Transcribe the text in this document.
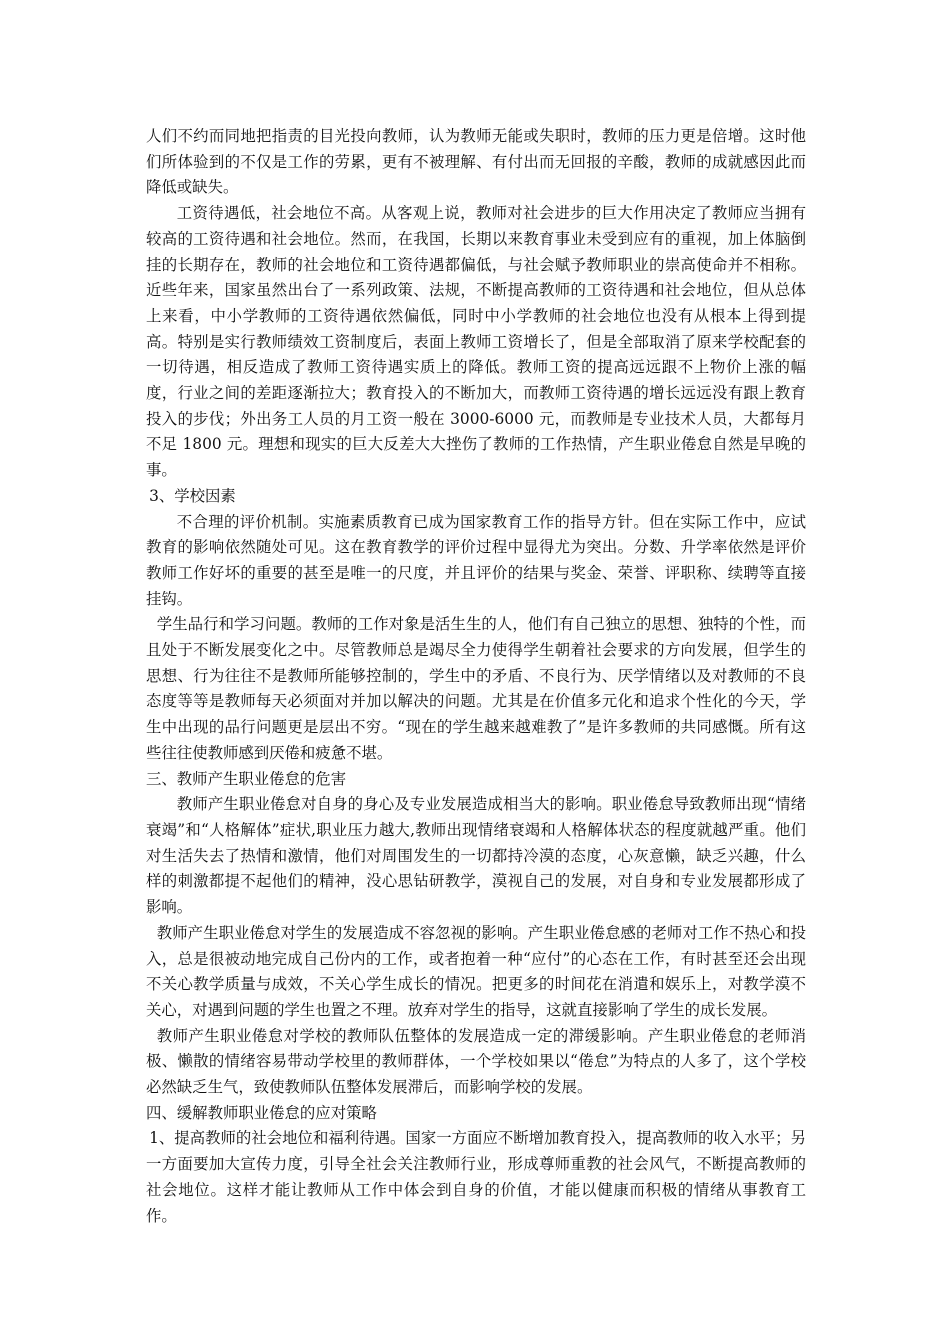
人们不约而同地把指责的目光投向教师，认为教师无能或失职时，教师的压力更是倍增。这时他们所体验到的不仅是工作的劳累，更有不被理解、有付出而无回报的辛酸，教师的成就感因此而降低或缺失。

工资待遇低，社会地位不高。从客观上说，教师对社会进步的巨大作用决定了教师应当拥有较高的工资待遇和社会地位。然而，在我国，长期以来教育事业未受到应有的重视，加上体脑倒挂的长期存在，教师的社会地位和工资待遇都偏低，与社会赋予教师职业的崇高使命并不相称。近些年来，国家虽然出台了一系列政策、法规，不断提高教师的工资待遇和社会地位，但从总体上来看，中小学教师的工资待遇依然偏低，同时中小学教师的社会地位也没有从根本上得到提高。特别是实行教师绩效工资制度后，表面上教师工资增长了，但是全部取消了原来学校配套的一切待遇，相反造成了教师工资待遇实质上的降低。教师工资的提高远远跟不上物价上涨的幅度，行业之间的差距逐渐拉大；教育投入的不断加大，而教师工资待遇的增长远远没有跟上教育投入的步伐；外出务工人员的月工资一般在 3000-6000 元，而教师是专业技术人员，大都每月不足 1800 元。理想和现实的巨大反差大大挫伤了教师的工作热情，产生职业倦怠自然是早晚的事。

3、学校因素

不合理的评价机制。实施素质教育已成为国家教育工作的指导方针。但在实际工作中，应试教育的影响依然随处可见。这在教育教学的评价过程中显得尤为突出。分数、升学率依然是评价教师工作好坏的重要的甚至是唯一的尺度，并且评价的结果与奖金、荣誉、评职称、续聘等直接挂钩。

学生品行和学习问题。教师的工作对象是活生生的人，他们有自己独立的思想、独特的个性，而且处于不断发展变化之中。尽管教师总是竭尽全力使得学生朝着社会要求的方向发展，但学生的思想、行为往往不是教师所能够控制的，学生中的矛盾、不良行为、厌学情绪以及对教师的不良态度等等是教师每天必须面对并加以解决的问题。尤其是在价值多元化和追求个性化的今天，学生中出现的品行问题更是层出不穷。“现在的学生越来越难教了”是许多教师的共同感慨。所有这些往往使教师感到厌倦和疲惫不堪。

三、教师产生职业倦怠的危害

教师产生职业倦怠对自身的身心及专业发展造成相当大的影响。职业倦怠导致教师出现“情绪衰竭”和“人格解体”症状,职业压力越大,教师出现情绪衰竭和人格解体状态的程度就越严重。他们对生活失去了热情和激情，他们对周围发生的一切都持冷漠的态度，心灰意懒，缺乏兴趣，什么样的刺激都提不起他们的精神，没心思钻研教学，漠视自己的发展，对自身和专业发展都形成了影响。

教师产生职业倦怠对学生的发展造成不容忽视的影响。产生职业倦怠感的老师对工作不热心和投入，总是很被动地完成自己份内的工作，或者抱着一种“应付”的心态在工作，有时甚至还会出现不关心教学质量与成效，不关心学生成长的情况。把更多的时间花在消遣和娱乐上，对教学漠不关心，对遇到问题的学生也置之不理。放弃对学生的指导，这就直接影响了学生的成长发展。

教师产生职业倦怠对学校的教师队伍整体的发展造成一定的滞缓影响。产生职业倦怠的老师消极、懒散的情绪容易带动学校里的教师群体，一个学校如果以“倦怠”为特点的人多了，这个学校必然缺乏生气，致使教师队伍整体发展滞后，而影响学校的发展。

四、缓解教师职业倦怠的应对策略

1、提高教师的社会地位和福利待遇。国家一方面应不断增加教育投入，提高教师的收入水平；另一方面要加大宣传力度，引导全社会关注教师行业，形成尊师重教的社会风气，不断提高教师的社会地位。这样才能让教师从工作中体会到自身的价值，才能以健康而积极的情绪从事教育工作。
